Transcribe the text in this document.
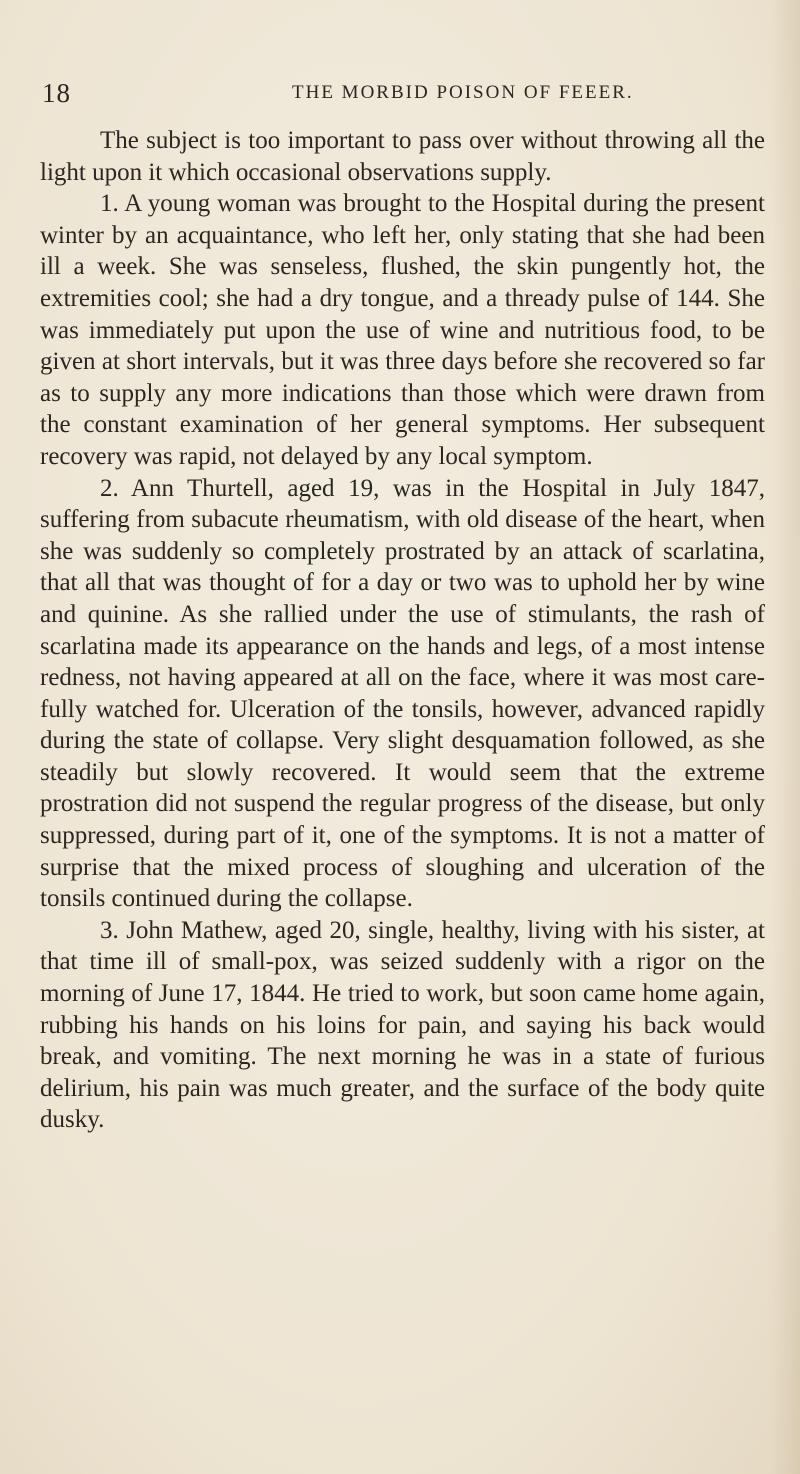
18	THE MORBID POISON OF FEEER.

The subject is too important to pass over without throwing all the light upon it which occasional observations supply.

1. A young woman was brought to the Hospital during the present winter by an acquaintance, who left her, only stating that she had been ill a week. She was senseless, flushed, the skin pungently hot, the extremities cool; she had a dry tongue, and a thready pulse of 144. She was immediately put upon the use of wine and nutritious food, to be given at short intervals, but it was three days before she recovered so far as to supply any more indications than those which were drawn from the constant examination of her general symptoms. Her subsequent recovery was rapid, not delayed by any local symptom.

2. Ann Thurtell, aged 19, was in the Hospital in July 1847, suffering from subacute rheumatism, with old disease of the heart, when she was suddenly so completely prostrated by an attack of scarlatina, that all that was thought of for a day or two was to uphold her by wine and quinine. As she rallied under the use of stimulants, the rash of scarlatina made its appearance on the hands and legs, of a most intense redness, not having appeared at all on the face, where it was most carefully watched for. Ulceration of the tonsils, however, advanced rapidly during the state of collapse. Very slight desquamation followed, as she steadily but slowly recovered. It would seem that the extreme prostration did not suspend the regular progress of the disease, but only suppressed, during part of it, one of the symptoms. It is not a matter of surprise that the mixed process of sloughing and ulceration of the tonsils continued during the collapse.

3. John Mathew, aged 20, single, healthy, living with his sister, at that time ill of small-pox, was seized suddenly with a rigor on the morning of June 17, 1844. He tried to work, but soon came home again, rubbing his hands on his loins for pain, and saying his back would break, and vomiting. The next morning he was in a state of furious delirium, his pain was much greater, and the surface of the body quite dusky.
